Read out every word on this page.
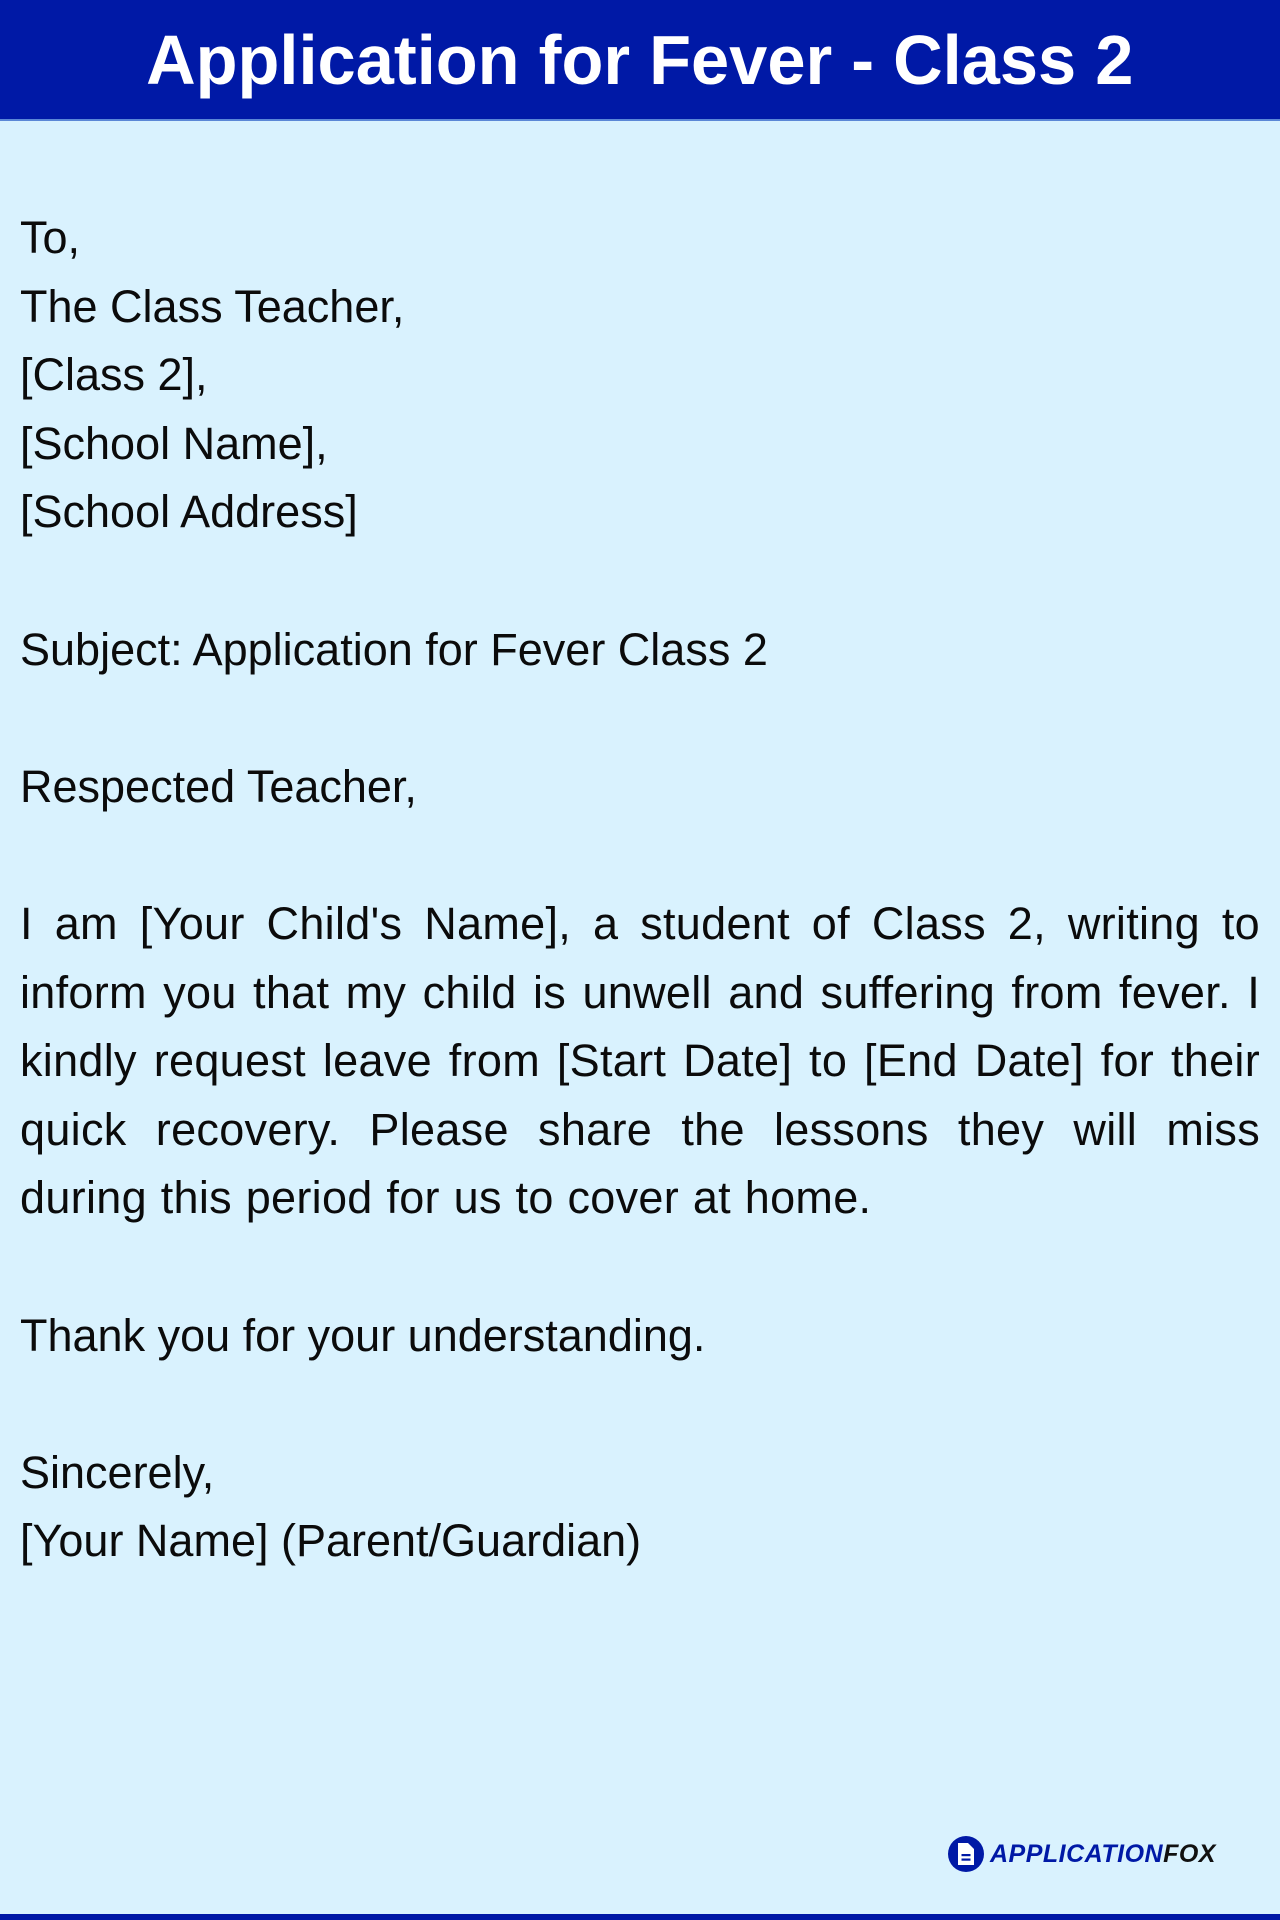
Application for Fever - Class 2
To,
The Class Teacher,
[Class 2],
[School Name],
[School Address]
Subject: Application for Fever Class 2
Respected Teacher,
I am [Your Child's Name], a student of Class 2, writing to inform you that my child is unwell and suffering from fever. I kindly request leave from [Start Date] to [End Date] for their quick recovery. Please share the lessons they will miss during this period for us to cover at home.
Thank you for your understanding.
Sincerely,
[Your Name] (Parent/Guardian)
APPLICATIONFOX
